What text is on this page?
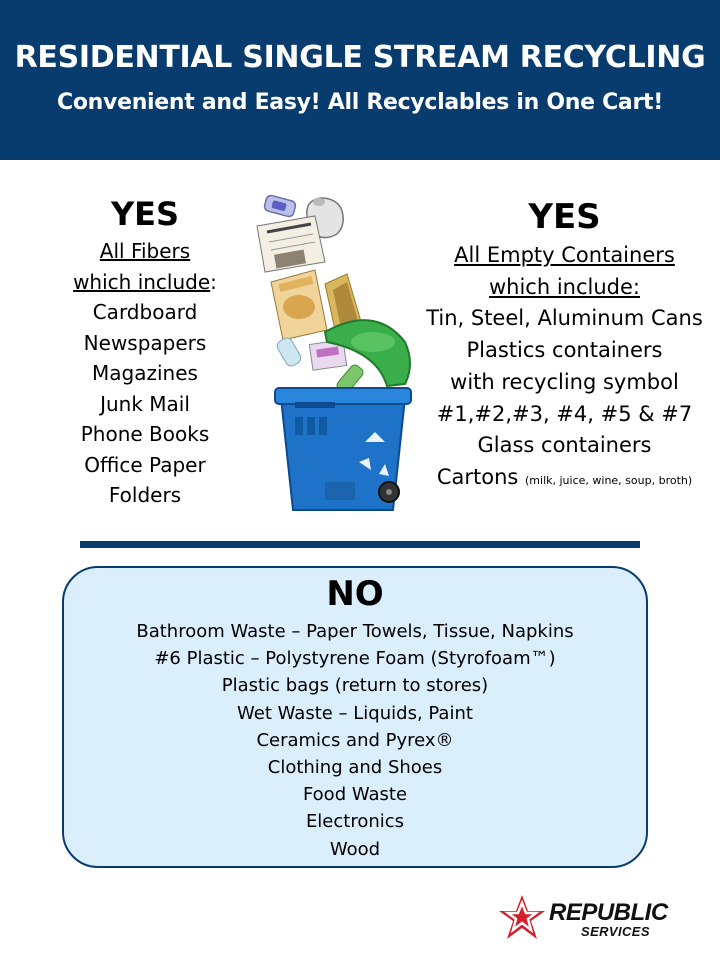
RESIDENTIAL SINGLE STREAM RECYCLING
Convenient and Easy! All Recyclables in One Cart!
YES
All Fibers
which include:
Cardboard
Newspapers
Magazines
Junk Mail
Phone Books
Office Paper
Folders
YES
All Empty Containers
which include:
Tin, Steel, Aluminum Cans
Plastics containers
with recycling symbol
#1,#2,#3, #4, #5 & #7
Glass containers
Cartons (milk, juice, wine, soup, broth)
NO
Bathroom Waste – Paper Towels, Tissue, Napkins
#6 Plastic – Polystyrene Foam (Styrofoam™)
Plastic bags (return to stores)
Wet Waste – Liquids, Paint
Ceramics and Pyrex®
Clothing and Shoes
Food Waste
Electronics
Wood
REPUBLIC
SERVICES
